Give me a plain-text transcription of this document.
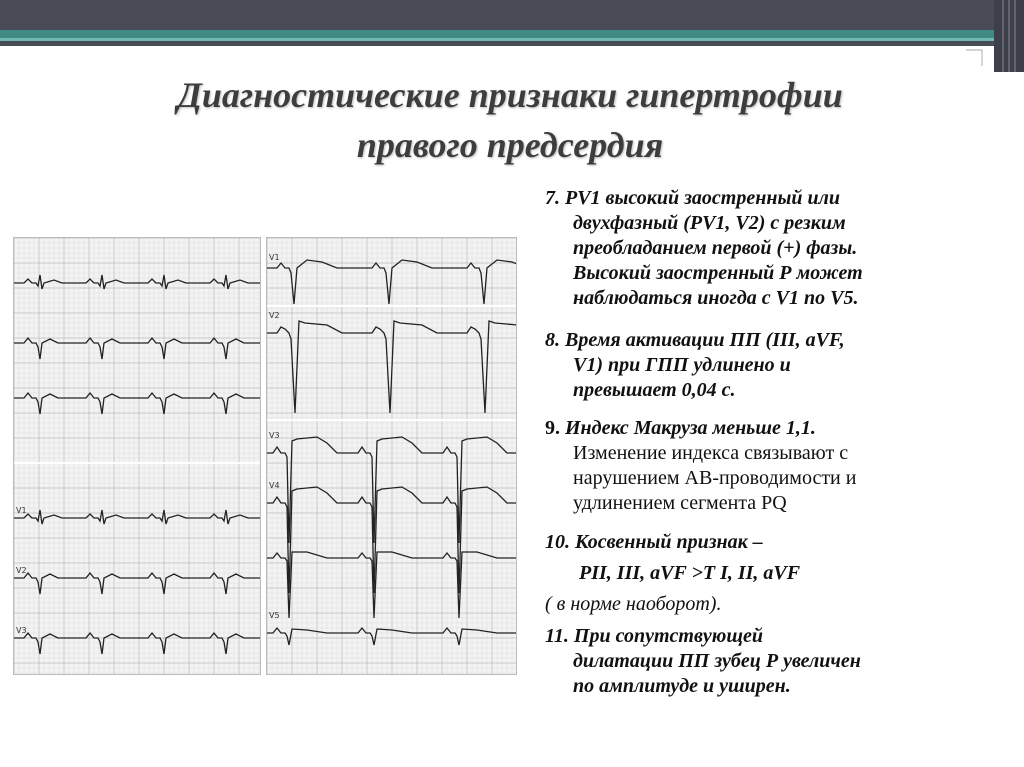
Диагностические признаки гипертрофии
правого предсердия
V1
V2
V3
V1
V2
V3
V4
V5
7. PV1 высокий заостренный или
двухфазный (PV1, V2) с резким
преобладанием первой (+) фазы.
Высокий заостренный Р может
наблюдаться иногда с V1 по V5.
8. Время активации ПП (III, aVF,
V1) при ГПП удлинено и
превышает 0,04 с.
9. Индекс Макруза меньше 1,1.
Изменение индекса связывают с
нарушением АВ-проводимости и
удлинением сегмента PQ
10. Косвенный признак –
PII, III, aVF >T I, II, aVF
( в норме наоборот).
11. При сопутствующей
дилатации ПП зубец Р увеличен
по амплитуде и уширен.
